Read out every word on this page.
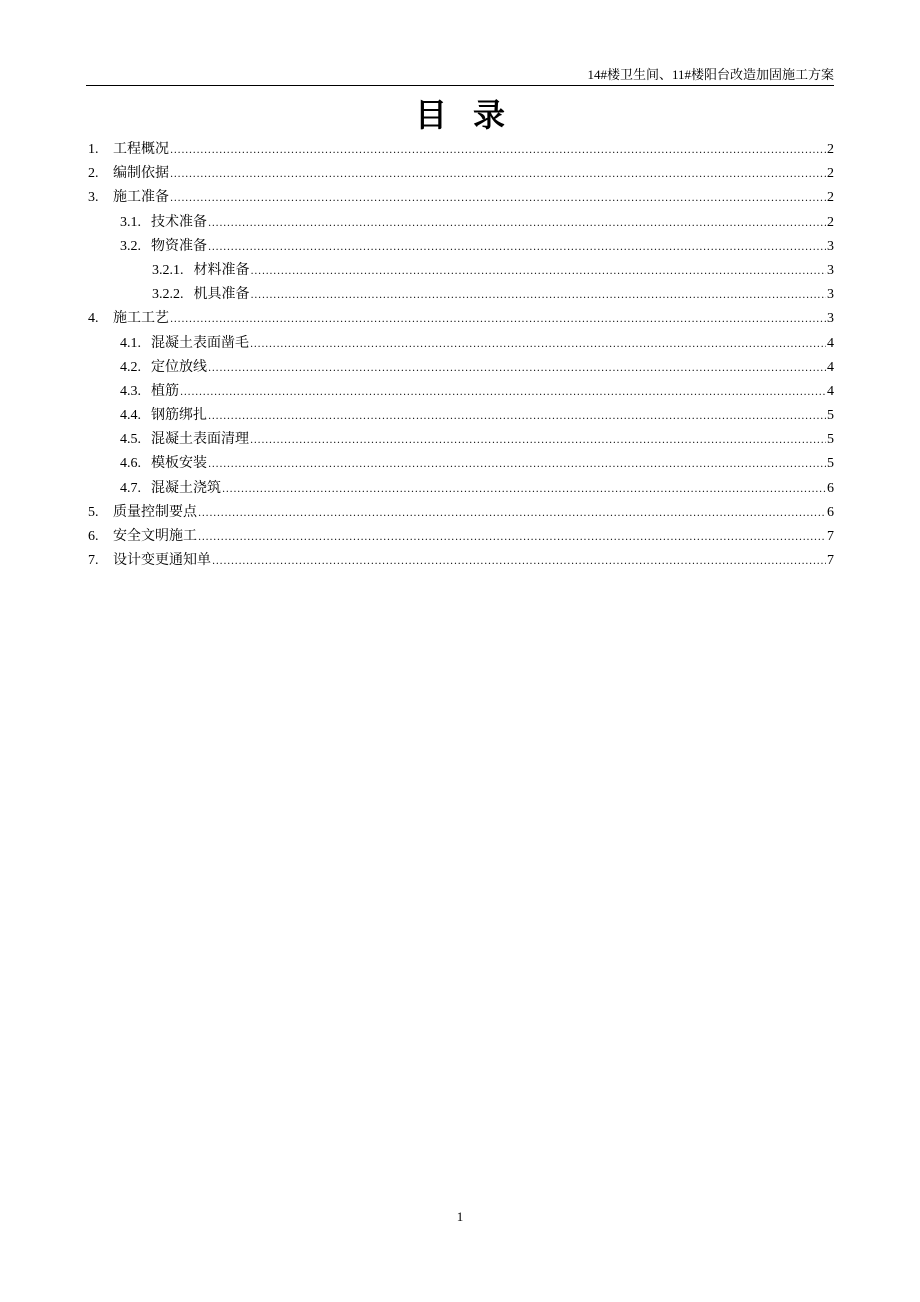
14#楼卫生间、11#楼阳台改造加固施工方案
目录
1.	工程概况 .....	2
2.	编制依据 .....	2
3.	施工准备 .....	2
3.1. 技术准备 .....	2
3.2. 物资准备 .....	3
3.2.1. 材料准备 .....	3
3.2.2. 机具准备 .....	3
4.	施工工艺 .....	3
4.1. 混凝土表面凿毛 .....	4
4.2. 定位放线 .....	4
4.3. 植筋 .....	4
4.4. 钢筋绑扎 .....	5
4.5. 混凝土表面清理 .....	5
4.6. 模板安装 .....	5
4.7. 混凝土浇筑 .....	6
5.	质量控制要点 .....	6
6.	安全文明施工 .....	7
7.	设计变更通知单 .....	7
1
